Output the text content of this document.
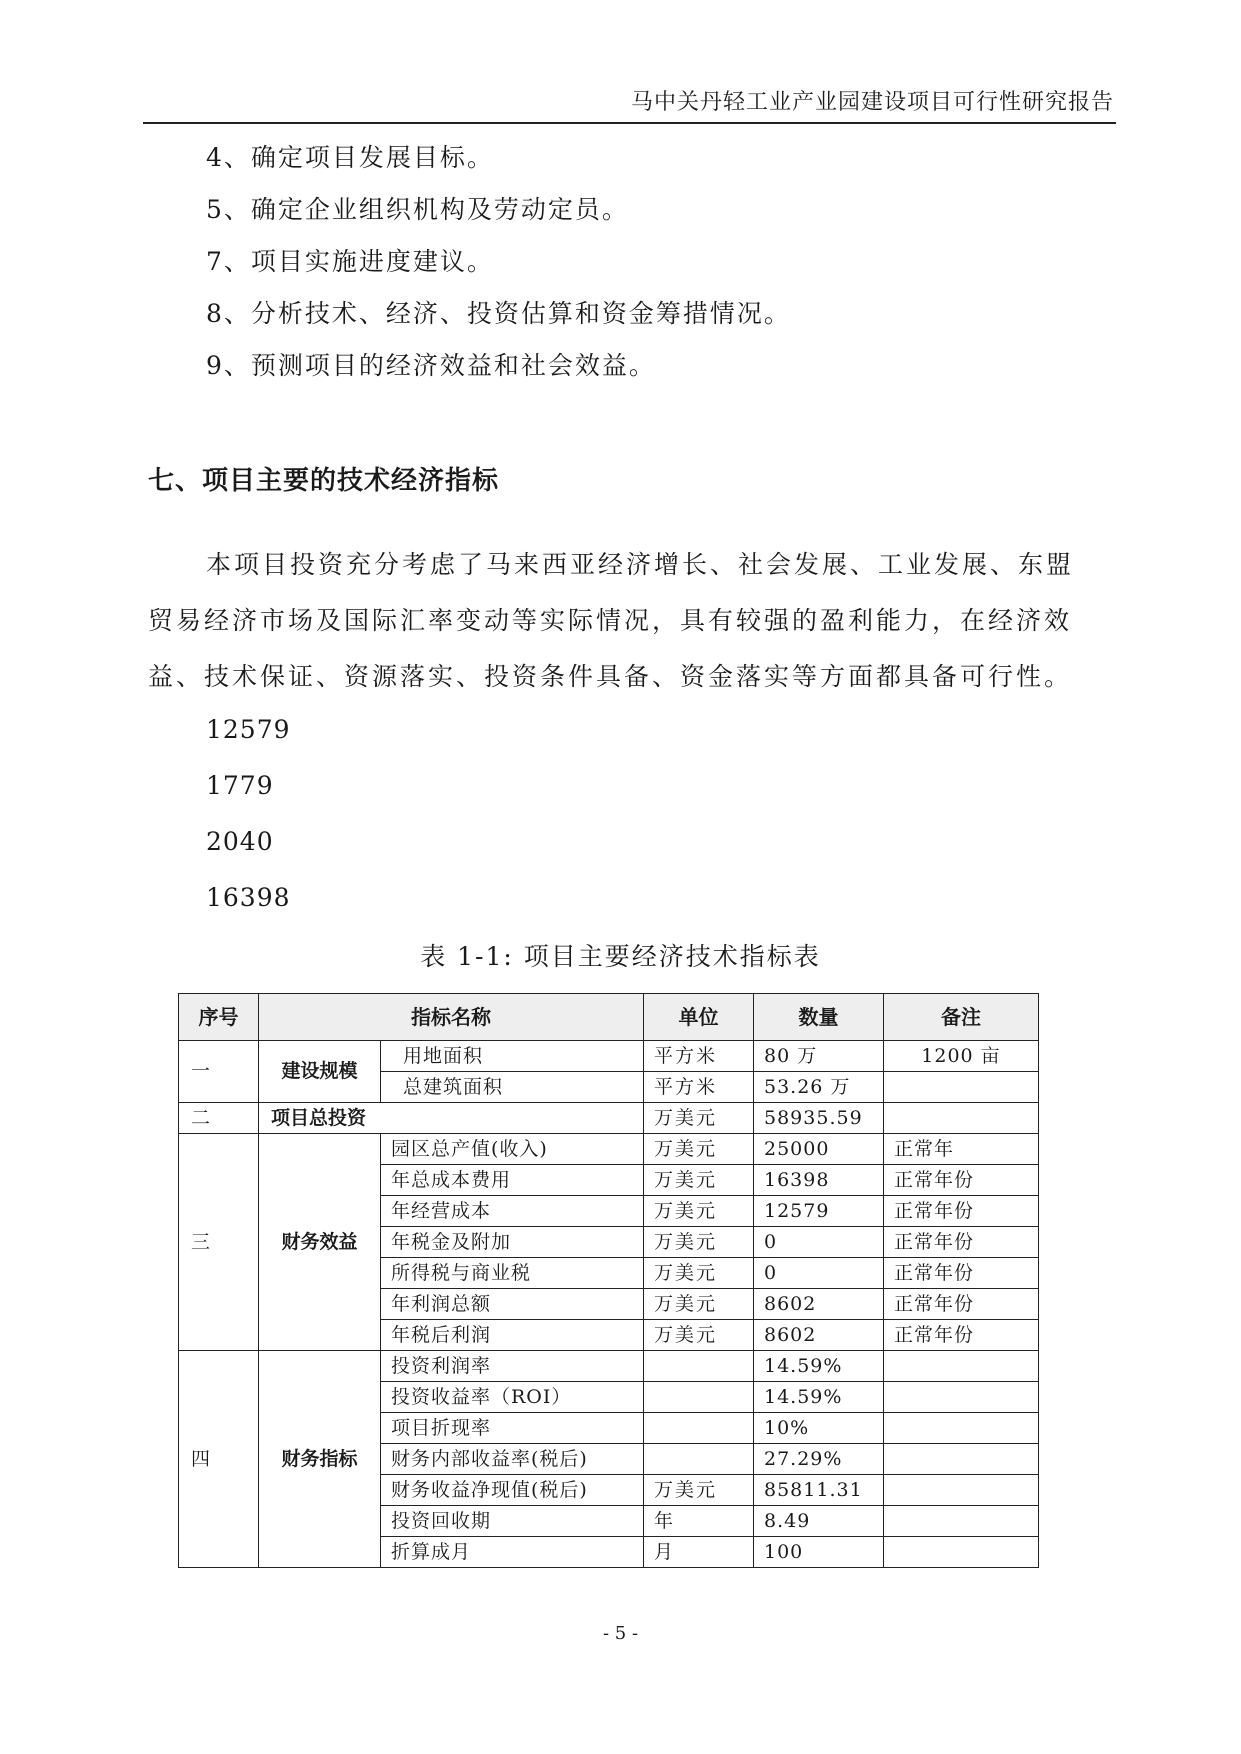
马中关丹轻工业产业园建设项目可行性研究报告
4、确定项目发展目标。
5、确定企业组织机构及劳动定员。
7、项目实施进度建议。
8、分析技术、经济、投资估算和资金筹措情况。
9、预测项目的经济效益和社会效益。
七、项目主要的技术经济指标
本项目投资充分考虑了马来西亚经济增长、社会发展、工业发展、东盟
贸易经济市场及国际汇率变动等实际情况，具有较强的盈利能力，在经济效
益、技术保证、资源落实、投资条件具备、资金落实等方面都具备可行性。
12579
1779
2040
16398
表 1-1: 项目主要经济技术指标表
序号	指标名称		单位	数量	备注
一	建设规模	用地面积	平方米	80 万	1200 亩
		总建筑面积	平方米	53.26 万	
二	项目总投资		万美元	58935.59	
三	财务效益	园区总产值(收入)	万美元	25000	正常年
		年总成本费用	万美元	16398	正常年份
		年经营成本	万美元	12579	正常年份
		年税金及附加	万美元	0	正常年份
		所得税与商业税	万美元	0	正常年份
		年利润总额	万美元	8602	正常年份
		年税后利润	万美元	8602	正常年份
四	财务指标	投资利润率		14.59%	
		投资收益率（ROI）		14.59%	
		项目折现率		10%	
		财务内部收益率(税后)		27.29%	
		财务收益净现值(税后)	万美元	85811.31	
		投资回收期	年	8.49	
		折算成月	月	100	
- 5 -
